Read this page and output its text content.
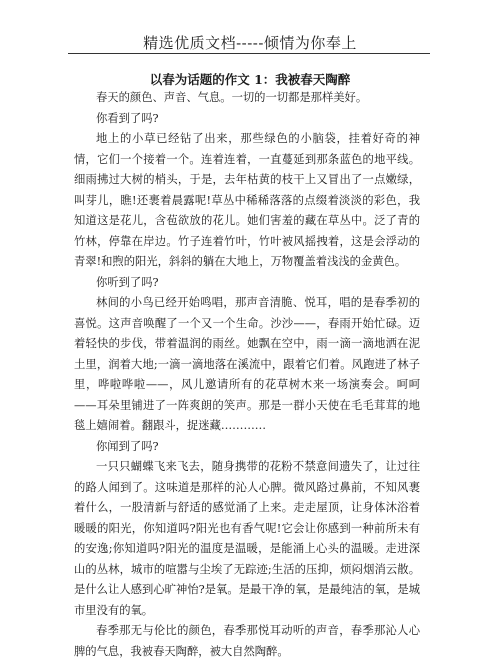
精选优质文档-----倾情为你奉上
以春为话题的作文 1：我被春天陶醉

春天的颜色、声音、气息。一切的一切都是那样美好。

你看到了吗?

地上的小草已经钻了出来，那些绿色的小脑袋，挂着好奇的神情，它们一个接着一个。连着连着，一直蔓延到那条蓝色的地平线。细雨拂过大树的梢头，于是，去年枯黄的枝干上又冒出了一点嫩绿，叫芽儿，瞧!还裹着晨露呢!草丛中稀稀落落的点缀着淡淡的彩色，我知道这是花儿，含苞欲放的花儿。她们害羞的藏在草丛中。泛了青的竹林，停靠在岸边。竹子连着竹叶，竹叶被风摇拽着，这是会浮动的青翠!和煦的阳光，斜斜的躺在大地上，万物覆盖着浅浅的金黄色。

你听到了吗?

林间的小鸟已经开始鸣唱，那声音清脆、悦耳，唱的是春季初的喜悦。这声音唤醒了一个又一个生命。沙沙——，春雨开始忙碌。迈着轻快的步伐，带着温润的雨丝。她飘在空中，雨一滴一滴地洒在泥土里，润着大地;一滴一滴地落在溪流中，跟着它们着。风跑进了林子里，哗啦哗啦——，风儿邀请所有的花草树木来一场演奏会。呵呵——耳朵里铺进了一阵爽朗的笑声。那是一群小天使在毛毛茸茸的地毯上嬉闹着。翻跟斗，捉迷藏…………

你闻到了吗?

一只只蝴蝶飞来飞去，随身携带的花粉不禁意间遗失了，让过往的路人闻到了。这味道是那样的沁人心脾。微风路过鼻前，不知风裹着什么，一股清新与舒适的感觉涌了上来。走走屋顶，让身体沐浴着暖暖的阳光，你知道吗?阳光也有香气呢!它会让你感到一种前所未有的安逸;你知道吗?阳光的温度是温暖，是能涌上心头的温暖。走进深山的丛林，城市的喧嚣与尘埃了无踪迹;生活的压抑，烦闷烟消云散。是什么让人感到心旷神怡?是氧。是最干净的氧，是最纯洁的氧，是城市里没有的氧。

春季那无与伦比的颜色，春季那悦耳动听的声音，春季那沁人心脾的气息，我被春天陶醉，被大自然陶醉。
